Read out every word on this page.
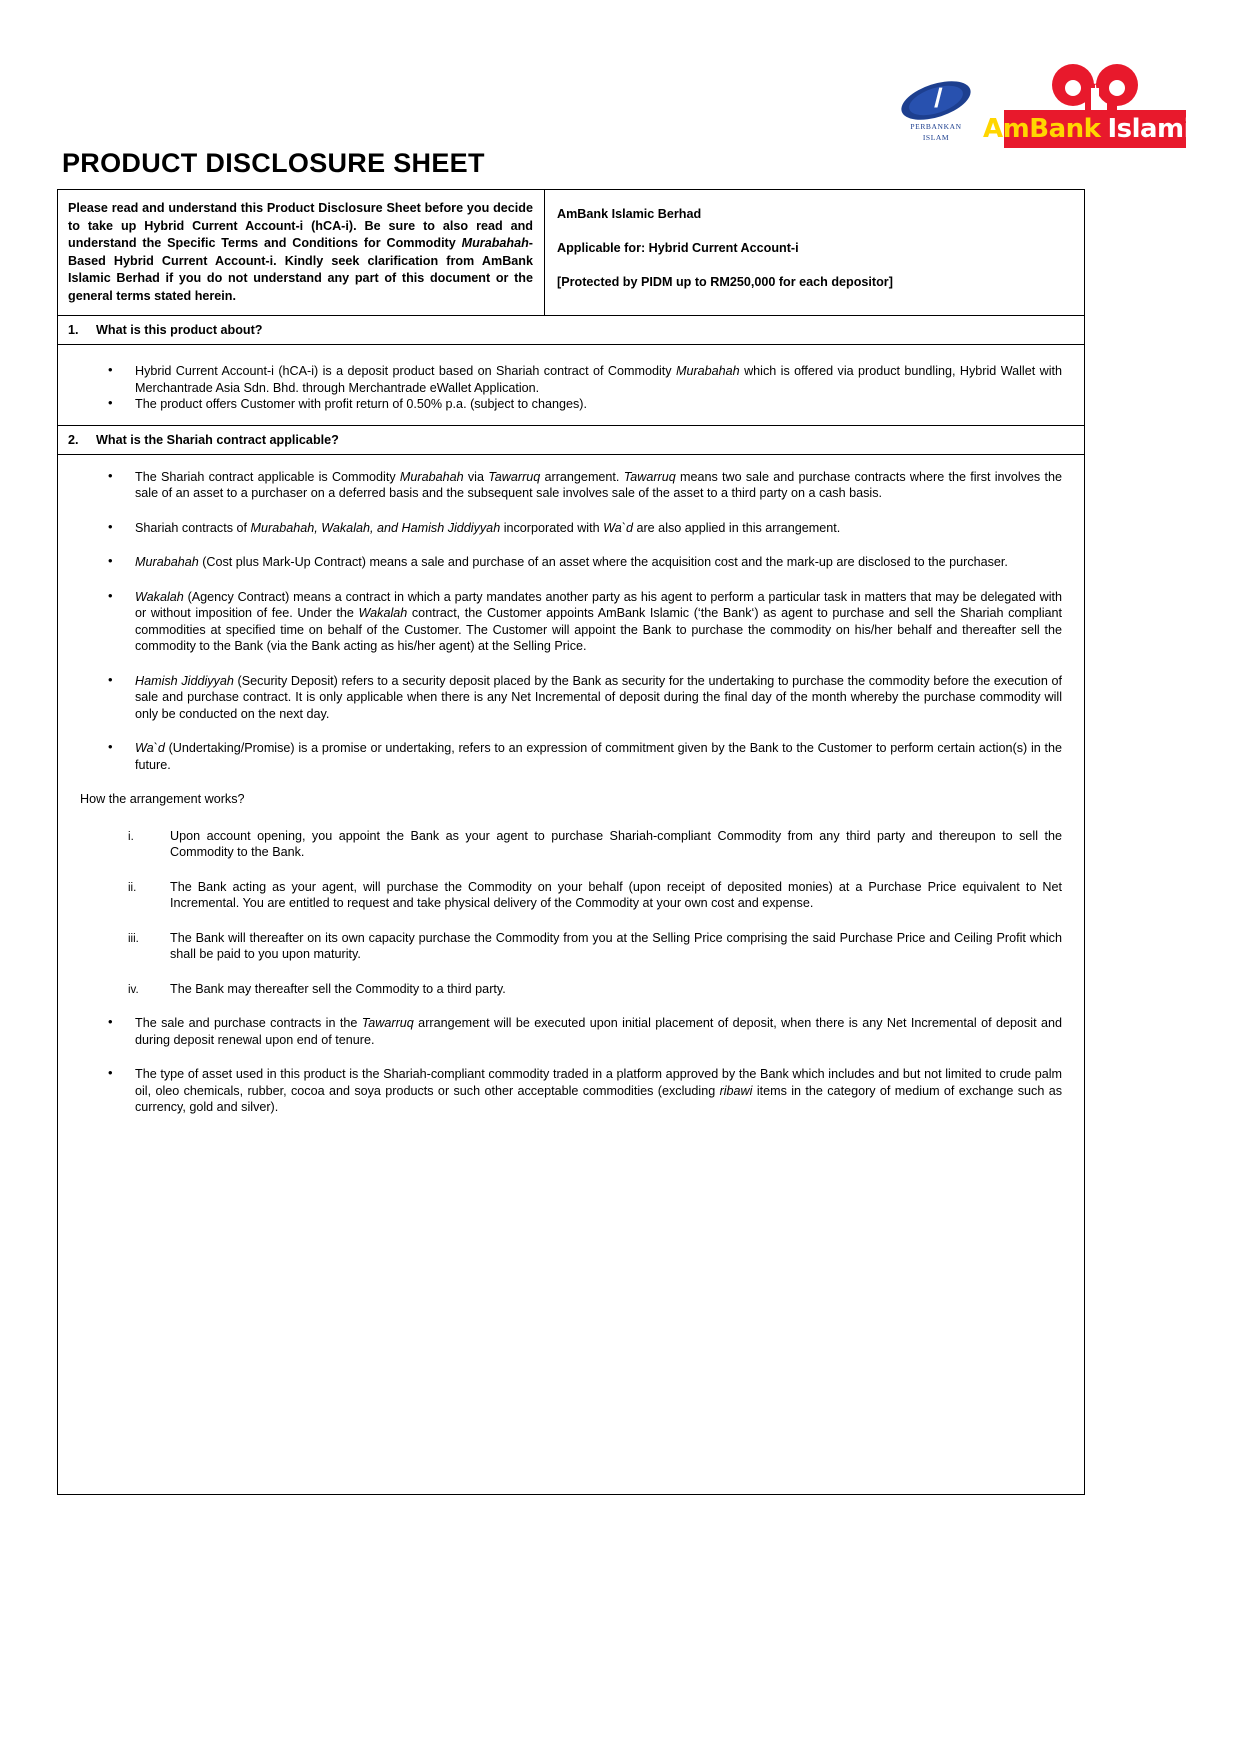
ا
PERBANKAN
ISLAM AmBank Islamic
PRODUCT DISCLOSURE SHEET
Please read and understand this Product Disclosure Sheet before you decide to take up Hybrid Current Account-i (hCA-i). Be sure to also read and understand the Specific Terms and Conditions for Commodity Murabahah-Based Hybrid Current Account-i. Kindly seek clarification from AmBank Islamic Berhad if you do not understand any part of this document or the general terms stated herein.

AmBank Islamic Berhad

Applicable for: Hybrid Current Account-i

[Protected by PIDM up to RM250,000 for each depositor]

1.	What is this product about?
• Hybrid Current Account-i (hCA-i) is a deposit product based on Shariah contract of Commodity Murabahah which is offered via product bundling, Hybrid Wallet with Merchantrade Asia Sdn. Bhd. through Merchantrade eWallet Application.
• The product offers Customer with profit return of 0.50% p.a. (subject to changes).
2.	What is the Shariah contract applicable?
• The Shariah contract applicable is Commodity Murabahah via Tawarruq arrangement. Tawarruq means two sale and purchase contracts where the first involves the sale of an asset to a purchaser on a deferred basis and the subsequent sale involves sale of the asset to a third party on a cash basis.
• Shariah contracts of Murabahah, Wakalah, and Hamish Jiddiyyah incorporated with Wa`d are also applied in this arrangement.
• Murabahah (Cost plus Mark-Up Contract) means a sale and purchase of an asset where the acquisition cost and the mark-up are disclosed to the purchaser.
• Wakalah (Agency Contract) means a contract in which a party mandates another party as his agent to perform a particular task in matters that may be delegated with or without imposition of fee. Under the Wakalah contract, the Customer appoints AmBank Islamic (‘the Bank‘) as agent to purchase and sell the Shariah compliant commodities at specified time on behalf of the Customer. The Customer will appoint the Bank to purchase the commodity on his/her behalf and thereafter sell the commodity to the Bank (via the Bank acting as his/her agent) at the Selling Price.
• Hamish Jiddiyyah (Security Deposit) refers to a security deposit placed by the Bank as security for the undertaking to purchase the commodity before the execution of sale and purchase contract. It is only applicable when there is any Net Incremental of deposit during the final day of the month whereby the purchase commodity will only be conducted on the next day.
• Wa`d (Undertaking/Promise) is a promise or undertaking, refers to an expression of commitment given by the Bank to the Customer to perform certain action(s) in the future.
How the arrangement works?
Upon account opening, you appoint the Bank as your agent to purchase Shariah-compliant Commodity from any third party and thereupon to sell the Commodity to the Bank.
The Bank acting as your agent, will purchase the Commodity on your behalf (upon receipt of deposited monies) at a Purchase Price equivalent to Net Incremental. You are entitled to request and take physical delivery of the Commodity at your own cost and expense.
The Bank will thereafter on its own capacity purchase the Commodity from you at the Selling Price comprising the said Purchase Price and Ceiling Profit which shall be paid to you upon maturity.
The Bank may thereafter sell the Commodity to a third party.
• The sale and purchase contracts in the Tawarruq arrangement will be executed upon initial placement of deposit, when there is any Net Incremental of deposit and during deposit renewal upon end of tenure.
• The type of asset used in this product is the Shariah-compliant commodity traded in a platform approved by the Bank which includes and but not limited to crude palm oil, oleo chemicals, rubber, cocoa and soya products or such other acceptable commodities (excluding ribawi items in the category of medium of exchange such as currency, gold and silver).
